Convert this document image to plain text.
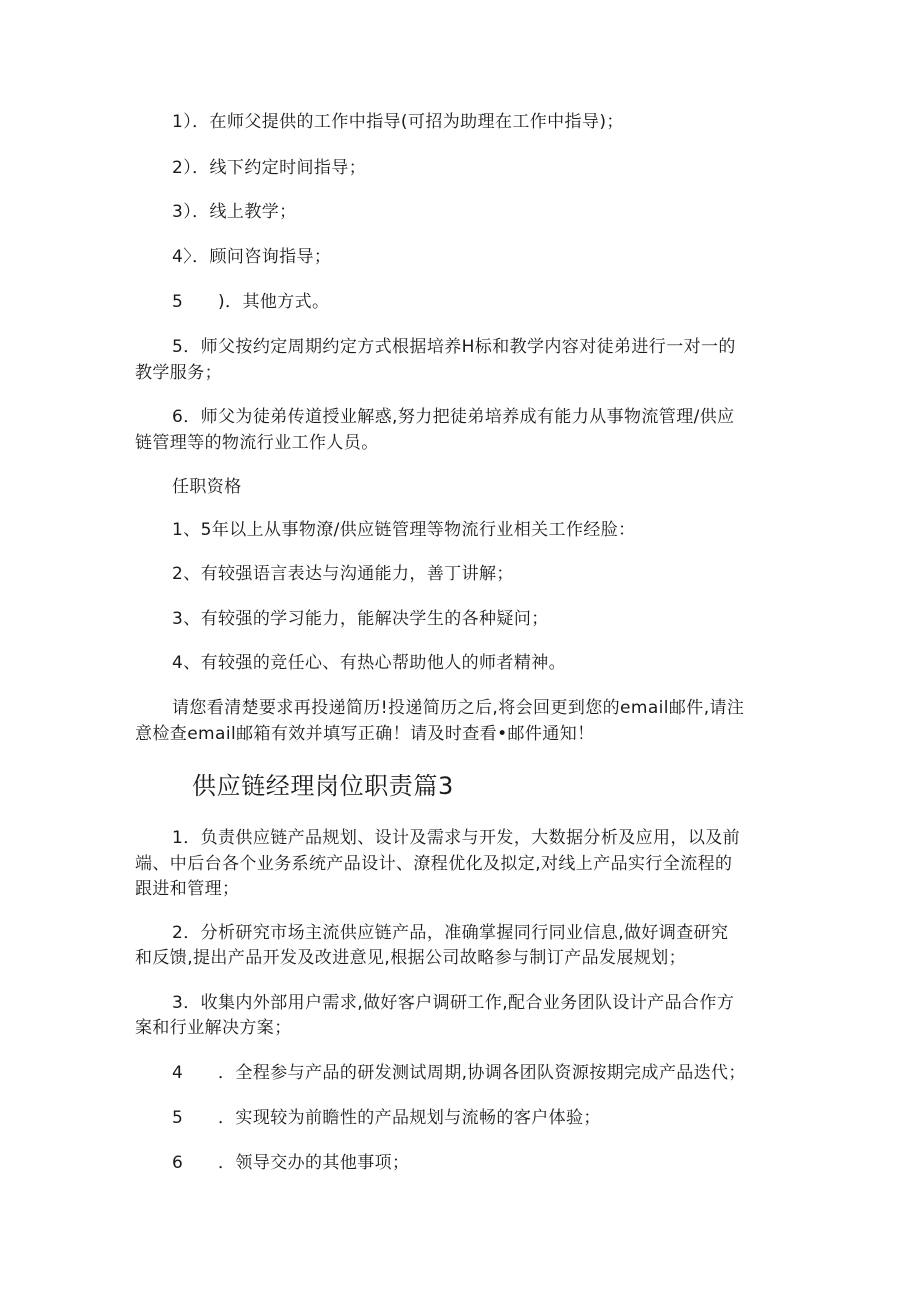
1）．在师父提供的工作中指导(可招为助理在工作中指导)；
2）．线下约定时间指导；
3）．线上教学；
4〉．顾问咨询指导；
5　　)．其他方式。
5．师父按约定周期约定方式根据培养H标和教学内容对徒弟进行一对一的
教学服务；
6．师父为徒弟传道授业解惑,努力把徒弟培养成有能力从事物流管理/供应
链管理等的物流行业工作人员。
任职资格
1、5年以上从事物潦/供应链管理等物流行业相关工作经脸：
2、有较强语言表达与沟通能力，善丁讲解；
3、有较强的学习能力，能解决学生的各种疑问；
4、有较强的竞任心、有热心帮助他人的师者精神。
请您看清楚要求再投递简历!投递简历之后,将会回更到您的email邮件,请注
意检查email邮箱有效并填写正确！请及时查看•邮件通知！
供应链经理岗位职责篇3
1．负责供应链产品规划、设计及需求与开发，大数据分析及应用，以及前
端、中后台各个业务系统产品设计、潦程优化及拟定,对线上产品实行全流程的
跟进和管理；
2．分析研究市场主流供应链产品，准确掌握同行同业信息,做好调查研究
和反馈,提出产品开发及改进意见,根据公司故略参与制订产品发展规划；
3．收集内外部用户需求,做好客户调研工作,配合业务团队设计产品合作方
案和行业解决方案；
4　　．全程参与产品的研发测试周期,协调各团队资源按期完成产品迭代；
5　　．实现较为前瞻性的产品规划与流畅的客户体验；
6　　．领导交办的其他事项；
